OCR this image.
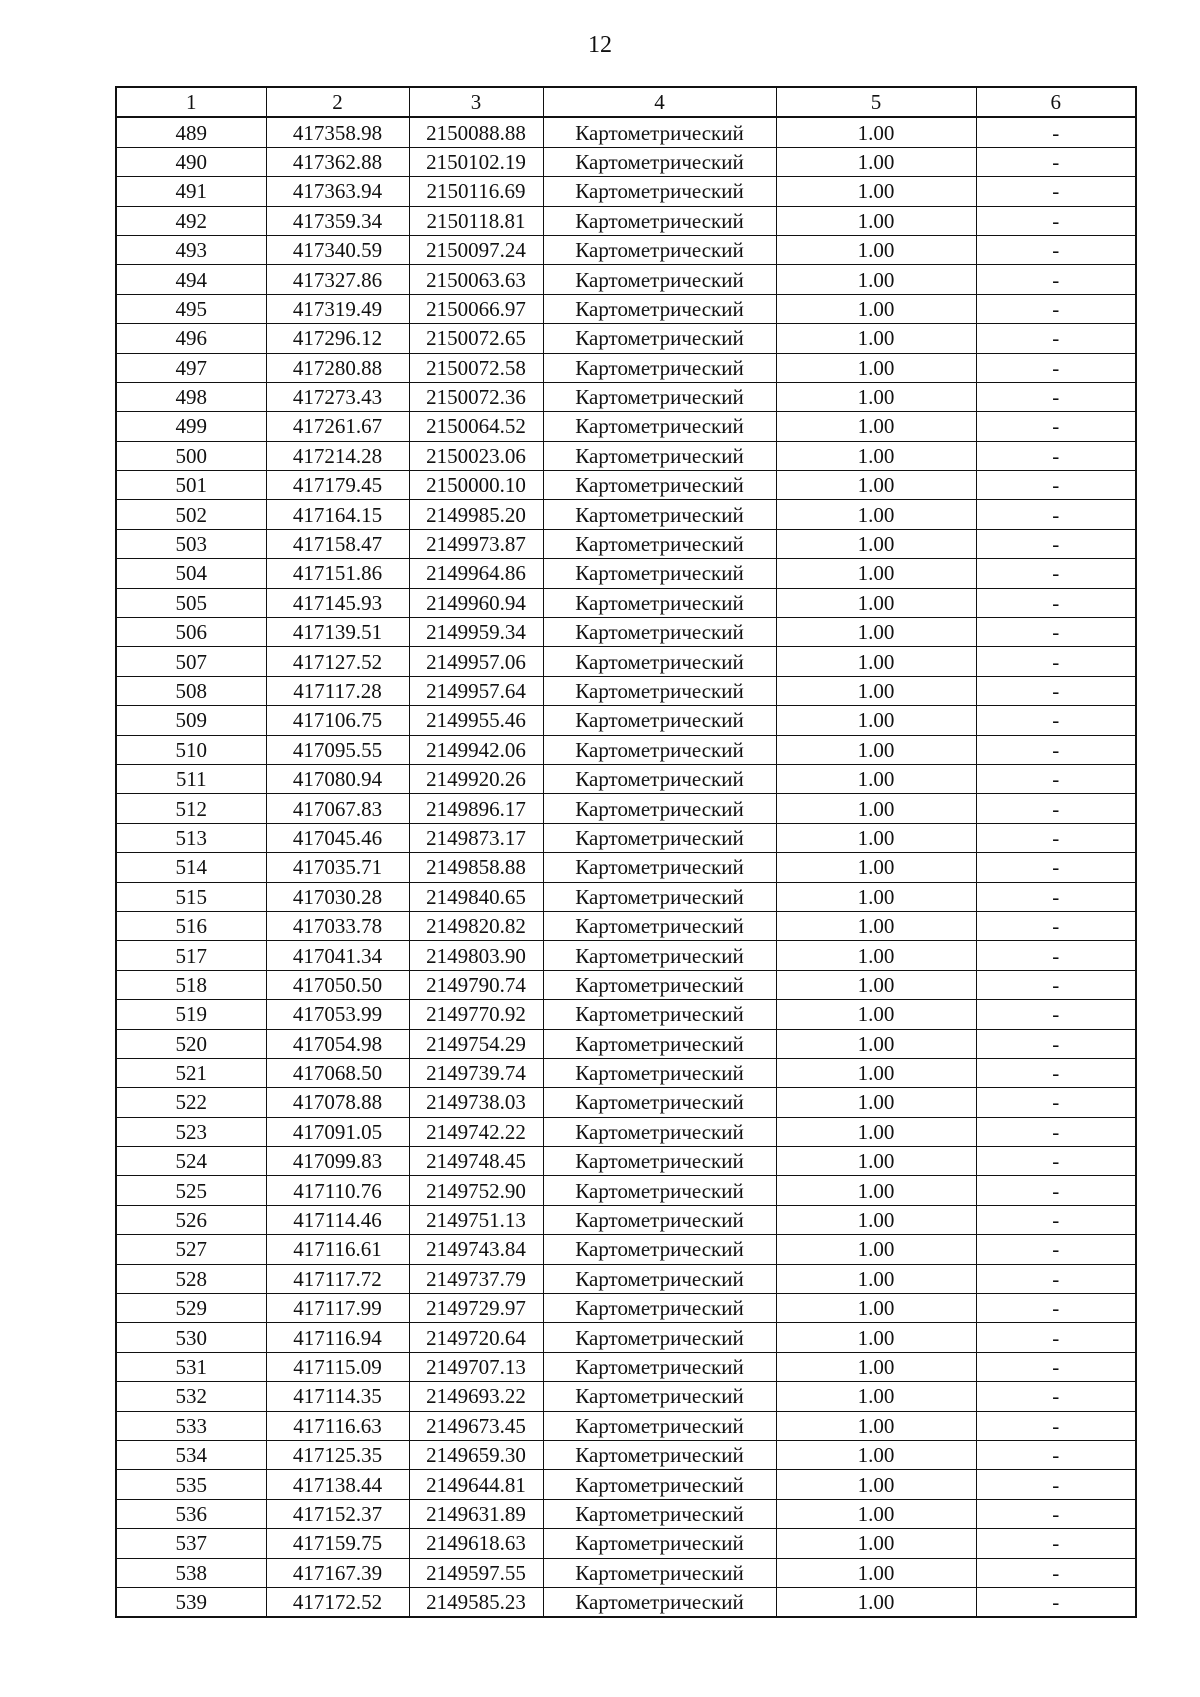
12
1	2	3	4	5	6
489	417358.98	2150088.88	Картометрический	1.00	-
490	417362.88	2150102.19	Картометрический	1.00	-
491	417363.94	2150116.69	Картометрический	1.00	-
492	417359.34	2150118.81	Картометрический	1.00	-
493	417340.59	2150097.24	Картометрический	1.00	-
494	417327.86	2150063.63	Картометрический	1.00	-
495	417319.49	2150066.97	Картометрический	1.00	-
496	417296.12	2150072.65	Картометрический	1.00	-
497	417280.88	2150072.58	Картометрический	1.00	-
498	417273.43	2150072.36	Картометрический	1.00	-
499	417261.67	2150064.52	Картометрический	1.00	-
500	417214.28	2150023.06	Картометрический	1.00	-
501	417179.45	2150000.10	Картометрический	1.00	-
502	417164.15	2149985.20	Картометрический	1.00	-
503	417158.47	2149973.87	Картометрический	1.00	-
504	417151.86	2149964.86	Картометрический	1.00	-
505	417145.93	2149960.94	Картометрический	1.00	-
506	417139.51	2149959.34	Картометрический	1.00	-
507	417127.52	2149957.06	Картометрический	1.00	-
508	417117.28	2149957.64	Картометрический	1.00	-
509	417106.75	2149955.46	Картометрический	1.00	-
510	417095.55	2149942.06	Картометрический	1.00	-
511	417080.94	2149920.26	Картометрический	1.00	-
512	417067.83	2149896.17	Картометрический	1.00	-
513	417045.46	2149873.17	Картометрический	1.00	-
514	417035.71	2149858.88	Картометрический	1.00	-
515	417030.28	2149840.65	Картометрический	1.00	-
516	417033.78	2149820.82	Картометрический	1.00	-
517	417041.34	2149803.90	Картометрический	1.00	-
518	417050.50	2149790.74	Картометрический	1.00	-
519	417053.99	2149770.92	Картометрический	1.00	-
520	417054.98	2149754.29	Картометрический	1.00	-
521	417068.50	2149739.74	Картометрический	1.00	-
522	417078.88	2149738.03	Картометрический	1.00	-
523	417091.05	2149742.22	Картометрический	1.00	-
524	417099.83	2149748.45	Картометрический	1.00	-
525	417110.76	2149752.90	Картометрический	1.00	-
526	417114.46	2149751.13	Картометрический	1.00	-
527	417116.61	2149743.84	Картометрический	1.00	-
528	417117.72	2149737.79	Картометрический	1.00	-
529	417117.99	2149729.97	Картометрический	1.00	-
530	417116.94	2149720.64	Картометрический	1.00	-
531	417115.09	2149707.13	Картометрический	1.00	-
532	417114.35	2149693.22	Картометрический	1.00	-
533	417116.63	2149673.45	Картометрический	1.00	-
534	417125.35	2149659.30	Картометрический	1.00	-
535	417138.44	2149644.81	Картометрический	1.00	-
536	417152.37	2149631.89	Картометрический	1.00	-
537	417159.75	2149618.63	Картометрический	1.00	-
538	417167.39	2149597.55	Картометрический	1.00	-
539	417172.52	2149585.23	Картометрический	1.00	-
